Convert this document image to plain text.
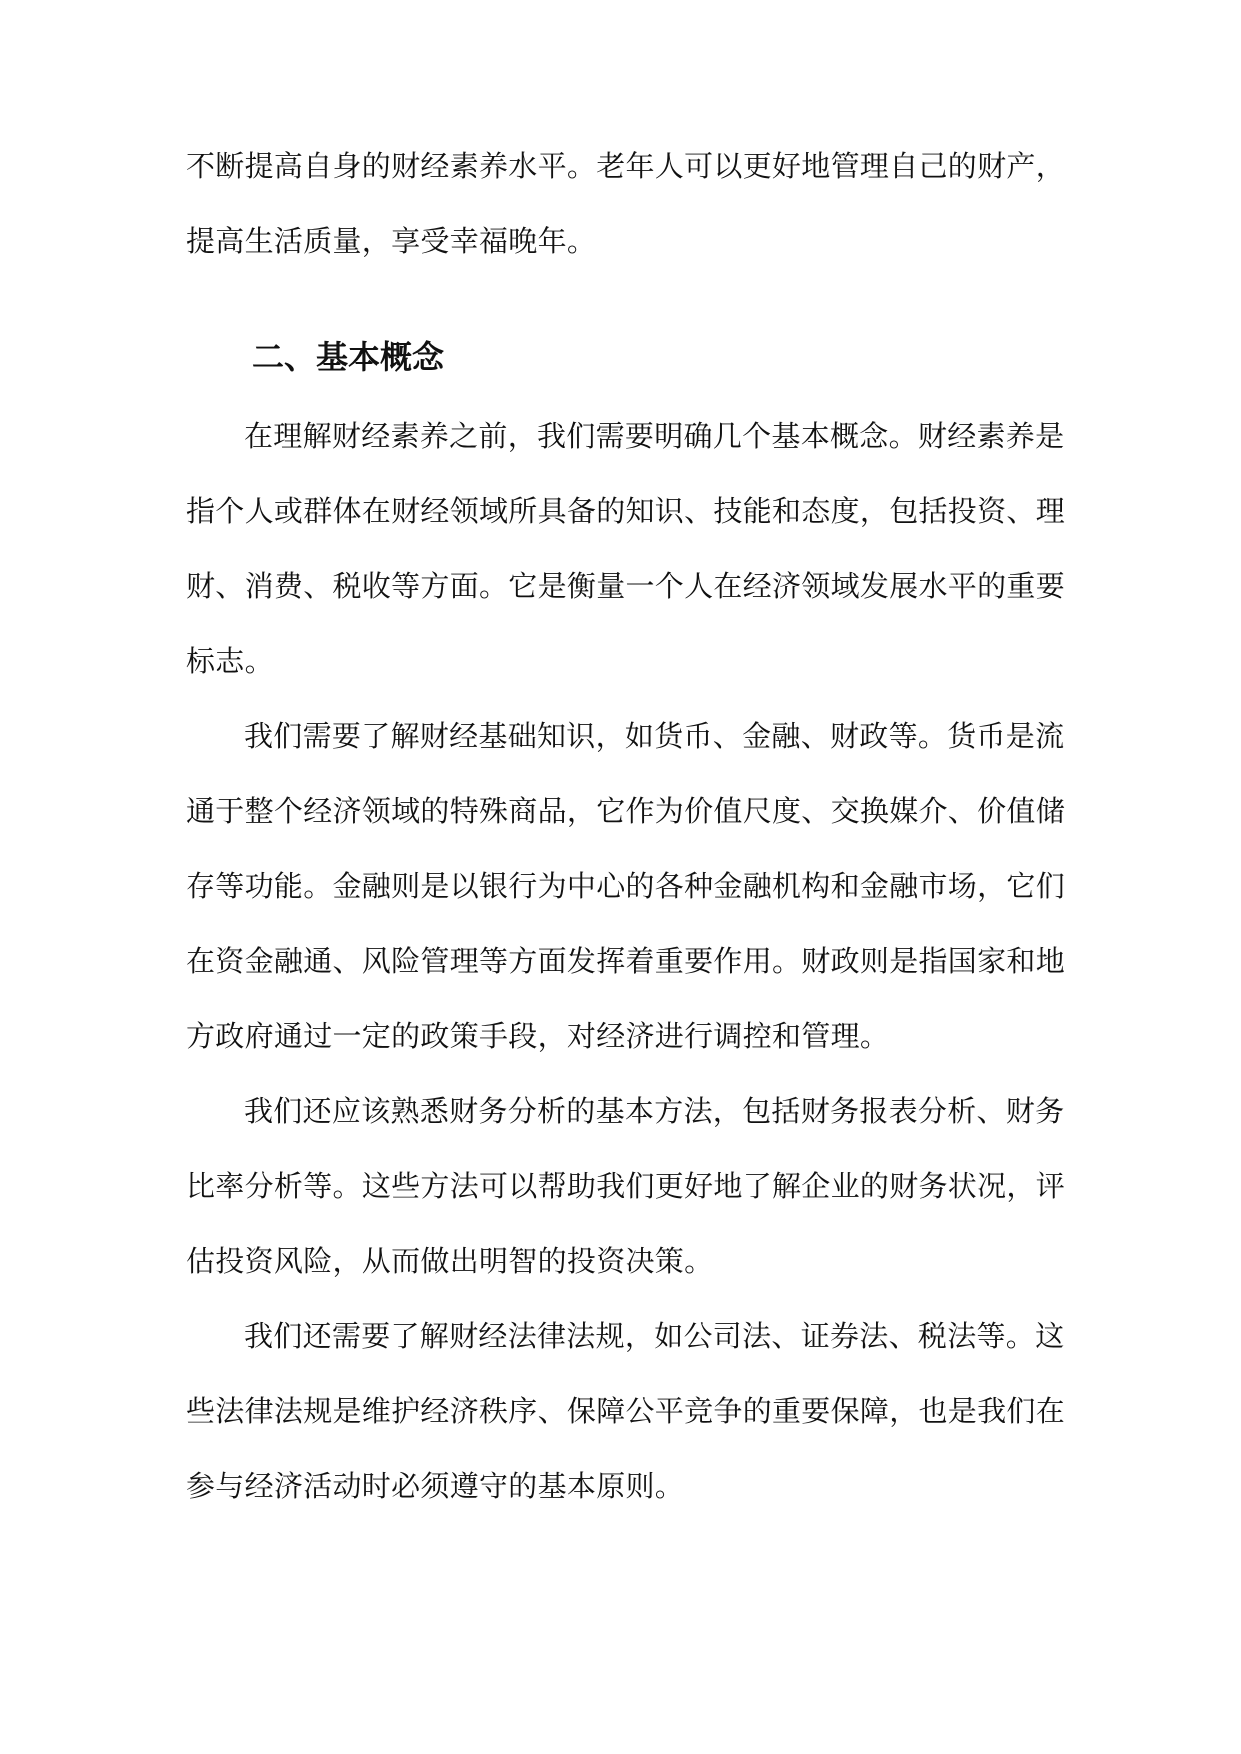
不断提高自身的财经素养水平。老年人可以更好地管理自己的财产，

提高生活质量，享受幸福晚年。

二、基本概念

在理解财经素养之前，我们需要明确几个基本概念。财经素养是

指个人或群体在财经领域所具备的知识、技能和态度，包括投资、理

财、消费、税收等方面。它是衡量一个人在经济领域发展水平的重要

标志。

我们需要了解财经基础知识，如货币、金融、财政等。货币是流

通于整个经济领域的特殊商品，它作为价值尺度、交换媒介、价值储

存等功能。金融则是以银行为中心的各种金融机构和金融市场，它们

在资金融通、风险管理等方面发挥着重要作用。财政则是指国家和地

方政府通过一定的政策手段，对经济进行调控和管理。

我们还应该熟悉财务分析的基本方法，包括财务报表分析、财务

比率分析等。这些方法可以帮助我们更好地了解企业的财务状况，评

估投资风险，从而做出明智的投资决策。

我们还需要了解财经法律法规，如公司法、证券法、税法等。这

些法律法规是维护经济秩序、保障公平竞争的重要保障，也是我们在

参与经济活动时必须遵守的基本原则。
